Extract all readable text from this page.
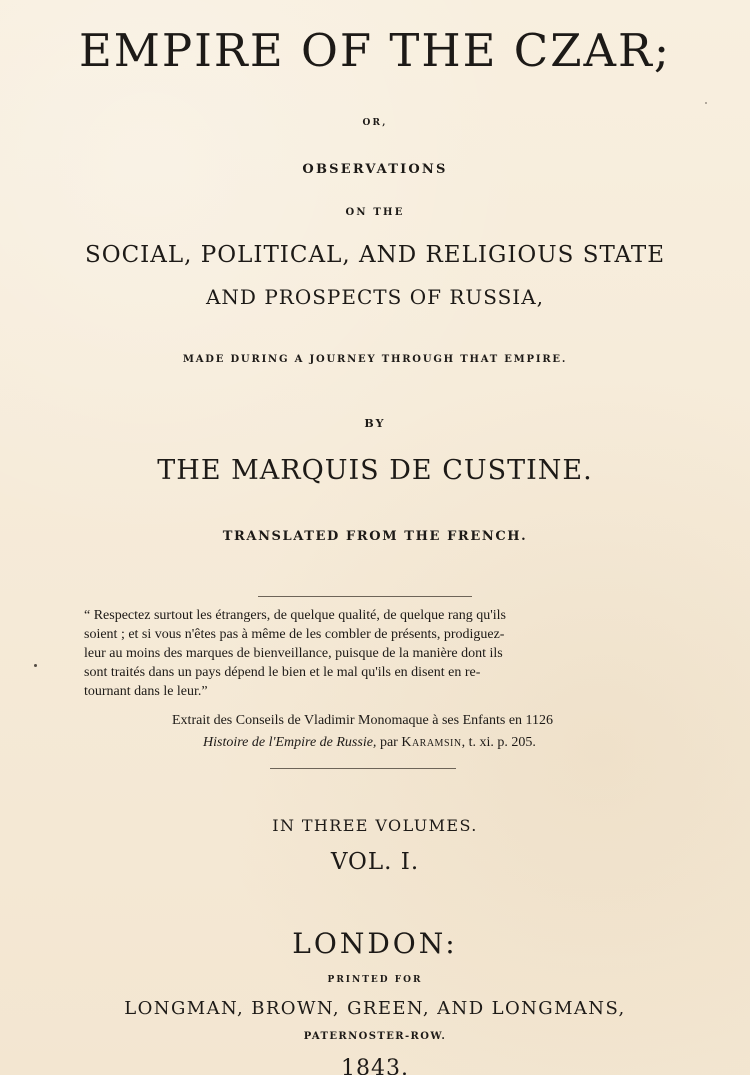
EMPIRE OF THE CZAR;
OR,
OBSERVATIONS
ON THE
SOCIAL, POLITICAL, AND RELIGIOUS STATE
AND PROSPECTS OF RUSSIA,
MADE DURING A JOURNEY THROUGH THAT EMPIRE.
BY
THE MARQUIS DE CUSTINE.
TRANSLATED FROM THE FRENCH.
“ Respectez surtout les étrangers, de quelque qualité, de quelque rang qu'ils
soient ; et si vous n'êtes pas à même de les combler de présents, prodiguez-
leur au moins des marques de bienveillance, puisque de la manière dont ils
sont traités dans un pays dépend le bien et le mal qu'ils en disent en re-
tournant dans le leur.”
Extrait des Conseils de Vladimir Monomaque à ses Enfants en 1126
Histoire de l'Empire de Russie, par Karamsin, t. xi. p. 205.
IN THREE VOLUMES.
VOL. I.
LONDON:
PRINTED FOR
LONGMAN, BROWN, GREEN, AND LONGMANS,
PATERNOSTER-ROW.
1843.
